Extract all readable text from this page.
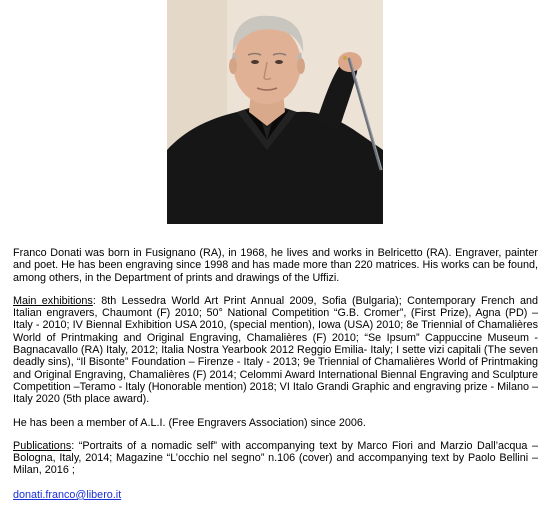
Franco Donati was born in Fusignano (RA), in 1968, he lives and works in Belricetto (RA). Engraver, painter and poet. He has been engraving since 1998 and has made more than 220 matrices. His works can be found, among others, in the Department of prints and drawings of the Uffizi.

Main exhibitions: 8th Lessedra World Art Print Annual 2009, Sofia (Bulgaria); Contemporary French and Italian engravers, Chaumont (F) 2010; 50° National Competition “G.B. Cromer”, (First Prize), Agna (PD) – Italy - 2010; IV Biennal Exhibition USA 2010, (special mention), Iowa (USA) 2010; 8e Triennial of Chamalières World of Printmaking and Original Engraving, Chamalières (F) 2010; “Se Ipsum” Cappuccine Museum - Bagnacavallo (RA) Italy, 2012; Italia Nostra Yearbook 2012 Reggio Emilia- Italy; I sette vizi capitali (The seven deadly sins), “Il Bisonte” Foundation – Firenze - Italy - 2013; 9e Triennial of Chamalières World of Printmaking and Original Engraving, Chamalières (F) 2014; Celommi Award International Biennal Engraving and Sculpture Competition –Teramo - Italy (Honorable mention) 2018; VI Italo Grandi Graphic and engraving prize - Milano – Italy 2020 (5th place award).

He has been a member of A.L.I. (Free Engravers Association) since 2006.

Publications: “Portraits of a nomadic self” with accompanying text by Marco Fiori and Marzio Dall’acqua – Bologna, Italy, 2014; Magazine “L’occhio nel segno” n.106 (cover) and accompanying text by Paolo Bellini – Milan, 2016 ;

donati.franco@libero.it
